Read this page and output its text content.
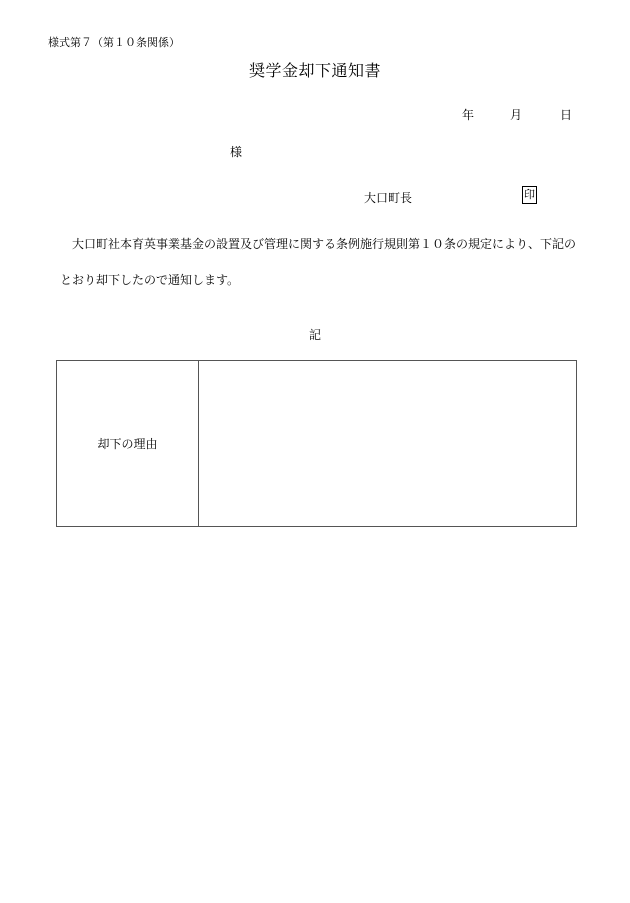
様式第７（第１０条関係）
奨学金却下通知書
年	月	日
様
大口町長	印
大口町社本育英事業基金の設置及び管理に関する条例施行規則第１０条の規定により、下記の
とおり却下したので通知します。
記
却下の理由	
